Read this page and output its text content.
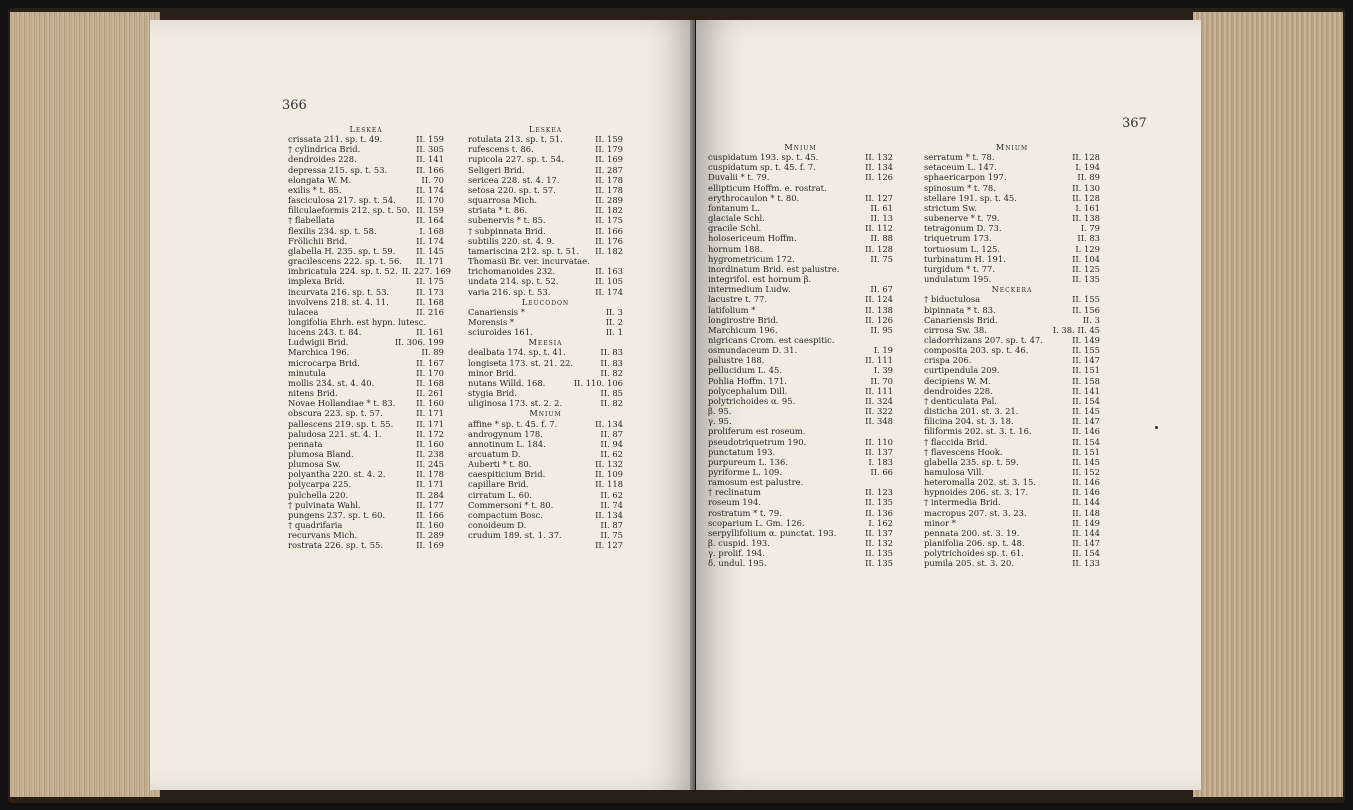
366
Leskea
crissata 211. sp. t. 49.	II. 159
† cylindrica Brid.	II. 305
dendroides 228.	II. 141
depressa 215. sp. t. 53.	II. 166
elongata W. M.	II. 70
exilis * t. 85.	II. 174
fasciculosa 217. sp. t. 54. II. 170
filiculaeformis 212. sp. t. 50. II. 159
† flabellata	II. 164
flexilis 234. sp. t. 58.	I. 168
Frölichii Brid.	II. 174
glabella H. 235. sp. t. 59. II. 145
gracilescens 222. sp. t. 56. II. 171
imbricatula 224. sp. t. 52. II. 227. 169
implexa Brid.	II. 175
incurvata 216. sp. t. 53.	II. 173
involvens 218. st. 4. 11.	II. 168
iulacea	II. 216
longifolia Ehrh. est hypn. lutesc.
lucens 243. t. 84.	II. 161
Ludwigii Brid.	II. 306. 199
Marchica 196.	II. 89
microcarpa Brid.	II. 167
minutula	II. 170
mollis 234. st. 4. 40.	II. 168
nitens Brid.	II. 261
Novae Hollandiae * t. 83. II. 160
obscura 223. sp. t. 57.	II. 171
pallescens 219. sp. t. 55.	II. 171
paludosa 221. st. 4. 1.	II. 172
pennata	II. 160
plumosa Bland.	II. 238
plumosa Sw.	II. 245
polyantha 220. st. 4. 2.	II. 178
polycarpa 225.	II. 171
pulchella 220.	II. 284
† pulvinata Wahl.	II. 177
pungens 237. sp. t. 60.	II. 166
† quadrifaria	II. 160
recurvans Mich.	II. 289
rostrata 226. sp. t. 55.	II. 169
Leskea
rotulata 213. sp. t. 51.	II. 159
rufescens t. 86.	II. 179
rupicola 227. sp. t. 54.	II. 169
Seligeri Brid.	II. 287
sericea 228. st. 4. 17.	II. 178
setosa 220. sp. t. 57.	II. 178
squarrosa Mich.	II. 289
striata * t. 86.	II. 182
subenervis * t. 85.	II. 175
† subpinnata Brid.	II. 166
subtilis 220. st. 4. 9.	II. 176
tamariscina 212. sp. t. 51. II. 182
Thomasii Br. ver. incurvatae.
trichomanoides 232.	II. 163
undata 214. sp. t. 52.	II. 105
varia 216. sp. t. 53.	II. 174
Leucodon
Canariensis *	II. 3
Morensis *	II. 2
sciuroides 161.	II. 1
Meesia
dealbata 174. sp. t. 41.	II. 83
longiseta 173. st. 21. 22.	II. 83
minor Brid.	II. 82
nutans Willd. 168.	II. 110. 106
stygia Brid.	II. 85
uliginosa 173. st. 2. 2.	II. 82
Mnium
affine * sp. t. 45. f. 7.	II. 134
androgynum 178.	II. 87
annotinum L. 184.	II. 94
arcuatum D.	II. 62
Auberti * t. 80.	II. 132
caespiticium Brid.	II. 109
capillare Brid.	II. 118
cirratum L. 60.	II. 62
Commersoni * t. 80.	II. 74
compactum Bosc.	II. 134
conoideum D.	II. 87
crudum 189. st. 1. 37.	II. 75
II. 127
367
Mnium
cuspidatum 193. sp. t. 45.	II. 132
cuspidatum sp. t. 45. f. 7.	II. 134
Duvalii * t. 79.	II. 126
ellipticum Hoffm. e. rostrat.
erythrocaulon * t. 80.	II. 127
fontanum L.	II. 61
glaciale Schl.	II. 13
gracile Schl.	II. 112
holosericeum Hoffm.	II. 88
hornum 188.	II. 128
hygrometricum 172.	II. 75
inordinatum Brid. est palustre.
integrifol. est hornum β.
intermedium Ludw.	II. 67
lacustre t. 77.	II. 124
latifolium *	II. 138
longirostre Brid.	II. 126
Marchicum 196.	II. 95
nigricans Crom. est caespitic.
osmundaceum D. 31.	I. 19
palustre 188.	II. 111
pellucidum L. 45.	I. 39
Pohlia Hoffm. 171.	II. 70
polycephalum Dill.	II. 111
polytrichoides α. 95.	II. 324
β. 95.	II. 322
γ. 95.	II. 348
proliferum est roseum.
pseudotriquetrum 190.	II. 110
punctatum 193.	II. 137
purpureum L. 136.	I. 183
pyriforme L. 109.	II. 66
ramosum est palustre.
† reclinatum	II. 123
roseum 194.	II. 135
rostratum * t. 79.	II. 136
scoparium L. Gm. 126.	I. 162
serpyllifolium α. punctat. 193.	II. 137
β. cuspid. 193.	II. 132
γ. prolif. 194.	II. 135
δ. undul. 195.	II. 135
Mnium
serratum * t. 78.	II. 128
setaceum L. 147.	I. 194
sphaericarpon 197.	II. 89
spinosum * t. 78.	II. 130
stellare 191. sp. t. 45.	II. 128
strictum Sw.	I. 161
subenerve * t. 79.	II. 138
tetragonum D. 73.	I. 79
triquetrum 173.	II. 83
tortuosum L. 125.	I. 129
turbinatum H. 191.	II. 104
turgidum * t. 77.	II. 125
undulatum 195.	II. 135
Neckera
† biductulosa	II. 155
bipinnata * t. 83.	II. 156
Canariensis Brid.	II. 3
cirrosa Sw. 38.	I. 38. II. 45
cladorrhizans 207. sp. t. 47.	II. 149
composita 203. sp. t. 46.	II. 155
crispa 206.	II. 147
curtipendula 209.	II. 151
decipiens W. M.	II. 158
dendroides 228.	II. 141
† denticulata Pal.	II. 154
disticha 201. st. 3. 21.	II. 145
filicina 204. st. 3. 18.	II. 147
filiformis 202. st. 3. t. 16.	II. 146
† flaccida Brid.	II. 154
† flavescens Hook.	II. 151
glabella 235. sp. t. 59.	II. 145
hamulosa Vill.	II. 152
heteromalla 202. st. 3. 15.	II. 146
hypnoides 206. st. 3. 17.	II. 146
† intermedia Brid.	II. 144
macropus 207. st. 3. 23.	II. 148
minor *	II. 149
pennata 200. st. 3. 19.	II. 144
planifolia 206. sp. t. 48.	II. 147
polytrichoides sp. t. 61.	II. 154
pumila 205. st. 3. 20.	II. 133
